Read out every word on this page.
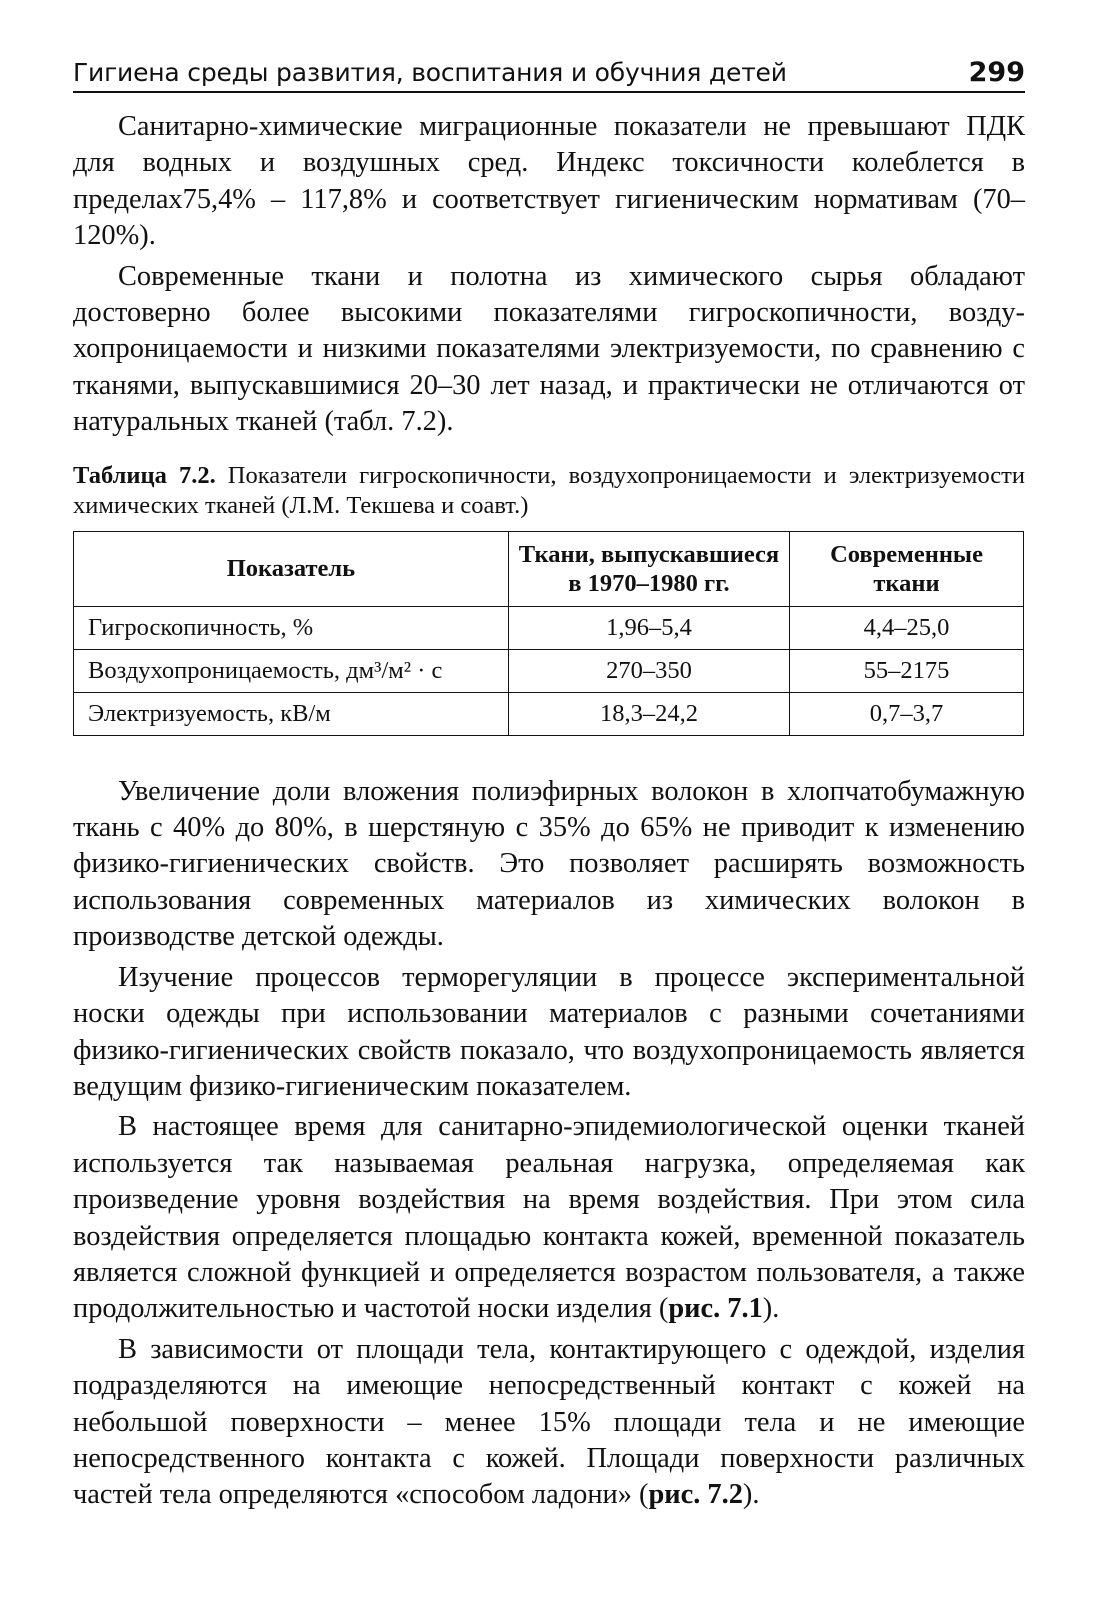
Гигиена среды развития, воспитания и обучния детей	299

Санитарно-химические миграционные показатели не превышают ПДК для водных и воздушных сред. Индекс токсичности колеблется в пределах75,4% – 117,8% и соответствует гигиеническим нормативам (70–120%).

Современные ткани и полотна из химического сырья обладают достоверно более высокими показателями гигроскопичности, воздухопроницаемости и низкими показателями электризуемости, по сравнению с тканями, выпускавшимися 20–30 лет назад, и практически не отличаются от натуральных тканей (табл. 7.2).

Таблица 7.2. Показатели гигроскопичности, воздухопроницаемости и электризуемости химических тканей (Л.М. Текшева и соавт.)
Показатель	Ткани, выпускавшиеся в 1970–1980 гг.	Современные ткани
Гигроскопичность, %	1,96–5,4	4,4–25,0
Воздухопроницаемость, дм³/м² · с	270–350	55–2175
Электризуемость, кВ/м	18,3–24,2	0,7–3,7

Увеличение доли вложения полиэфирных волокон в хлопчатобумажную ткань с 40% до 80%, в шерстяную с 35% до 65% не приводит к изменению физико-гигиенических свойств. Это позволяет расширять возможность использования современных материалов из химических волокон в производстве детской одежды.

Изучение процессов терморегуляции в процессе экспериментальной носки одежды при использовании материалов с разными сочетаниями физико-гигиенических свойств показало, что воздухопроницаемость является ведущим физико-гигиеническим показателем.

В настоящее время для санитарно-эпидемиологической оценки тканей используется так называемая реальная нагрузка, определяемая как произведение уровня воздействия на время воздействия. При этом сила воздействия определяется площадью контакта кожей, временной показатель является сложной функцией и определяется возрастом пользователя, а также продолжительностью и частотой носки изделия (рис. 7.1).

В зависимости от площади тела, контактирующего с одеждой, изделия подразделяются на имеющие непосредственный контакт с кожей на небольшой поверхности – менее 15% площади тела и не имеющие непосредственного контакта с кожей. Площади поверхности различных частей тела определяются «способом ладони» (рис. 7.2).
